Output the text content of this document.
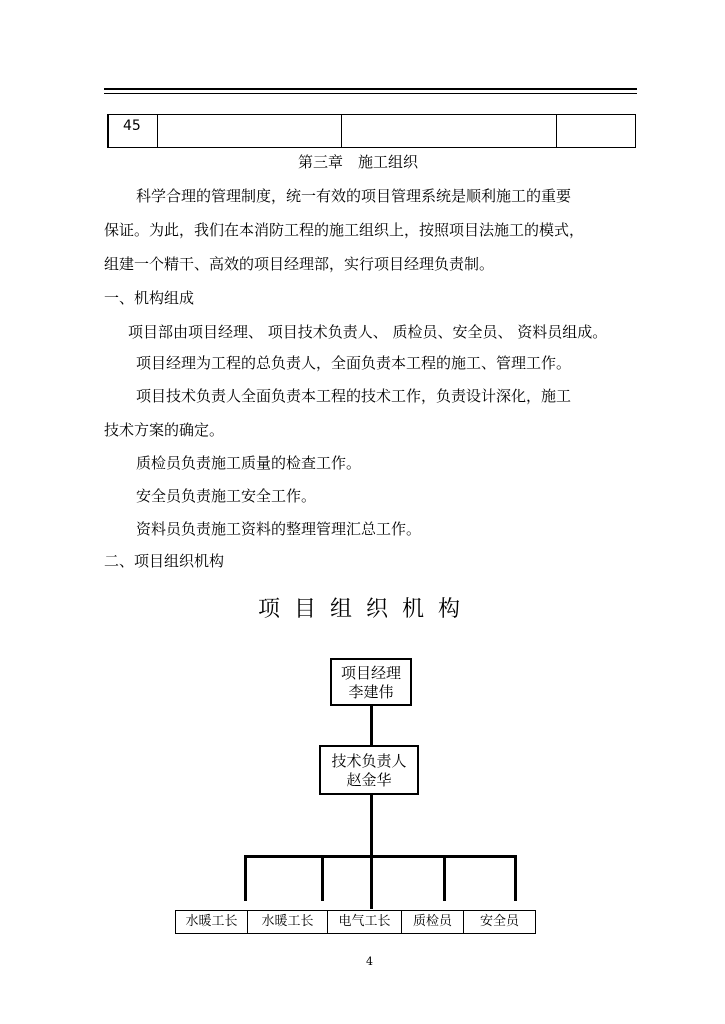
45
第三章　施工组织
科学合理的管理制度，统一有效的项目管理系统是顺利施工的重要
保证。为此，我们在本消防工程的施工组织上，按照项目法施工的模式，
组建一个精干、高效的项目经理部，实行项目经理负责制。
一、机构组成
项目部由项目经理、 项目技术负责人、 质检员、安全员、 资料员组成。
项目经理为工程的总负责人，全面负责本工程的施工、管理工作。
项目技术负责人全面负责本工程的技术工作，负责设计深化，施工
技术方案的确定。
质检员负责施工质量的检查工作。
安全员负责施工安全工作。
资料员负责施工资料的整理管理汇总工作。
二、项目组织机构
项目组织机构
项目经理
李建伟
技术负责人
赵金华
水暖工长	水暖工长	电气工长	质检员	安全员
4
